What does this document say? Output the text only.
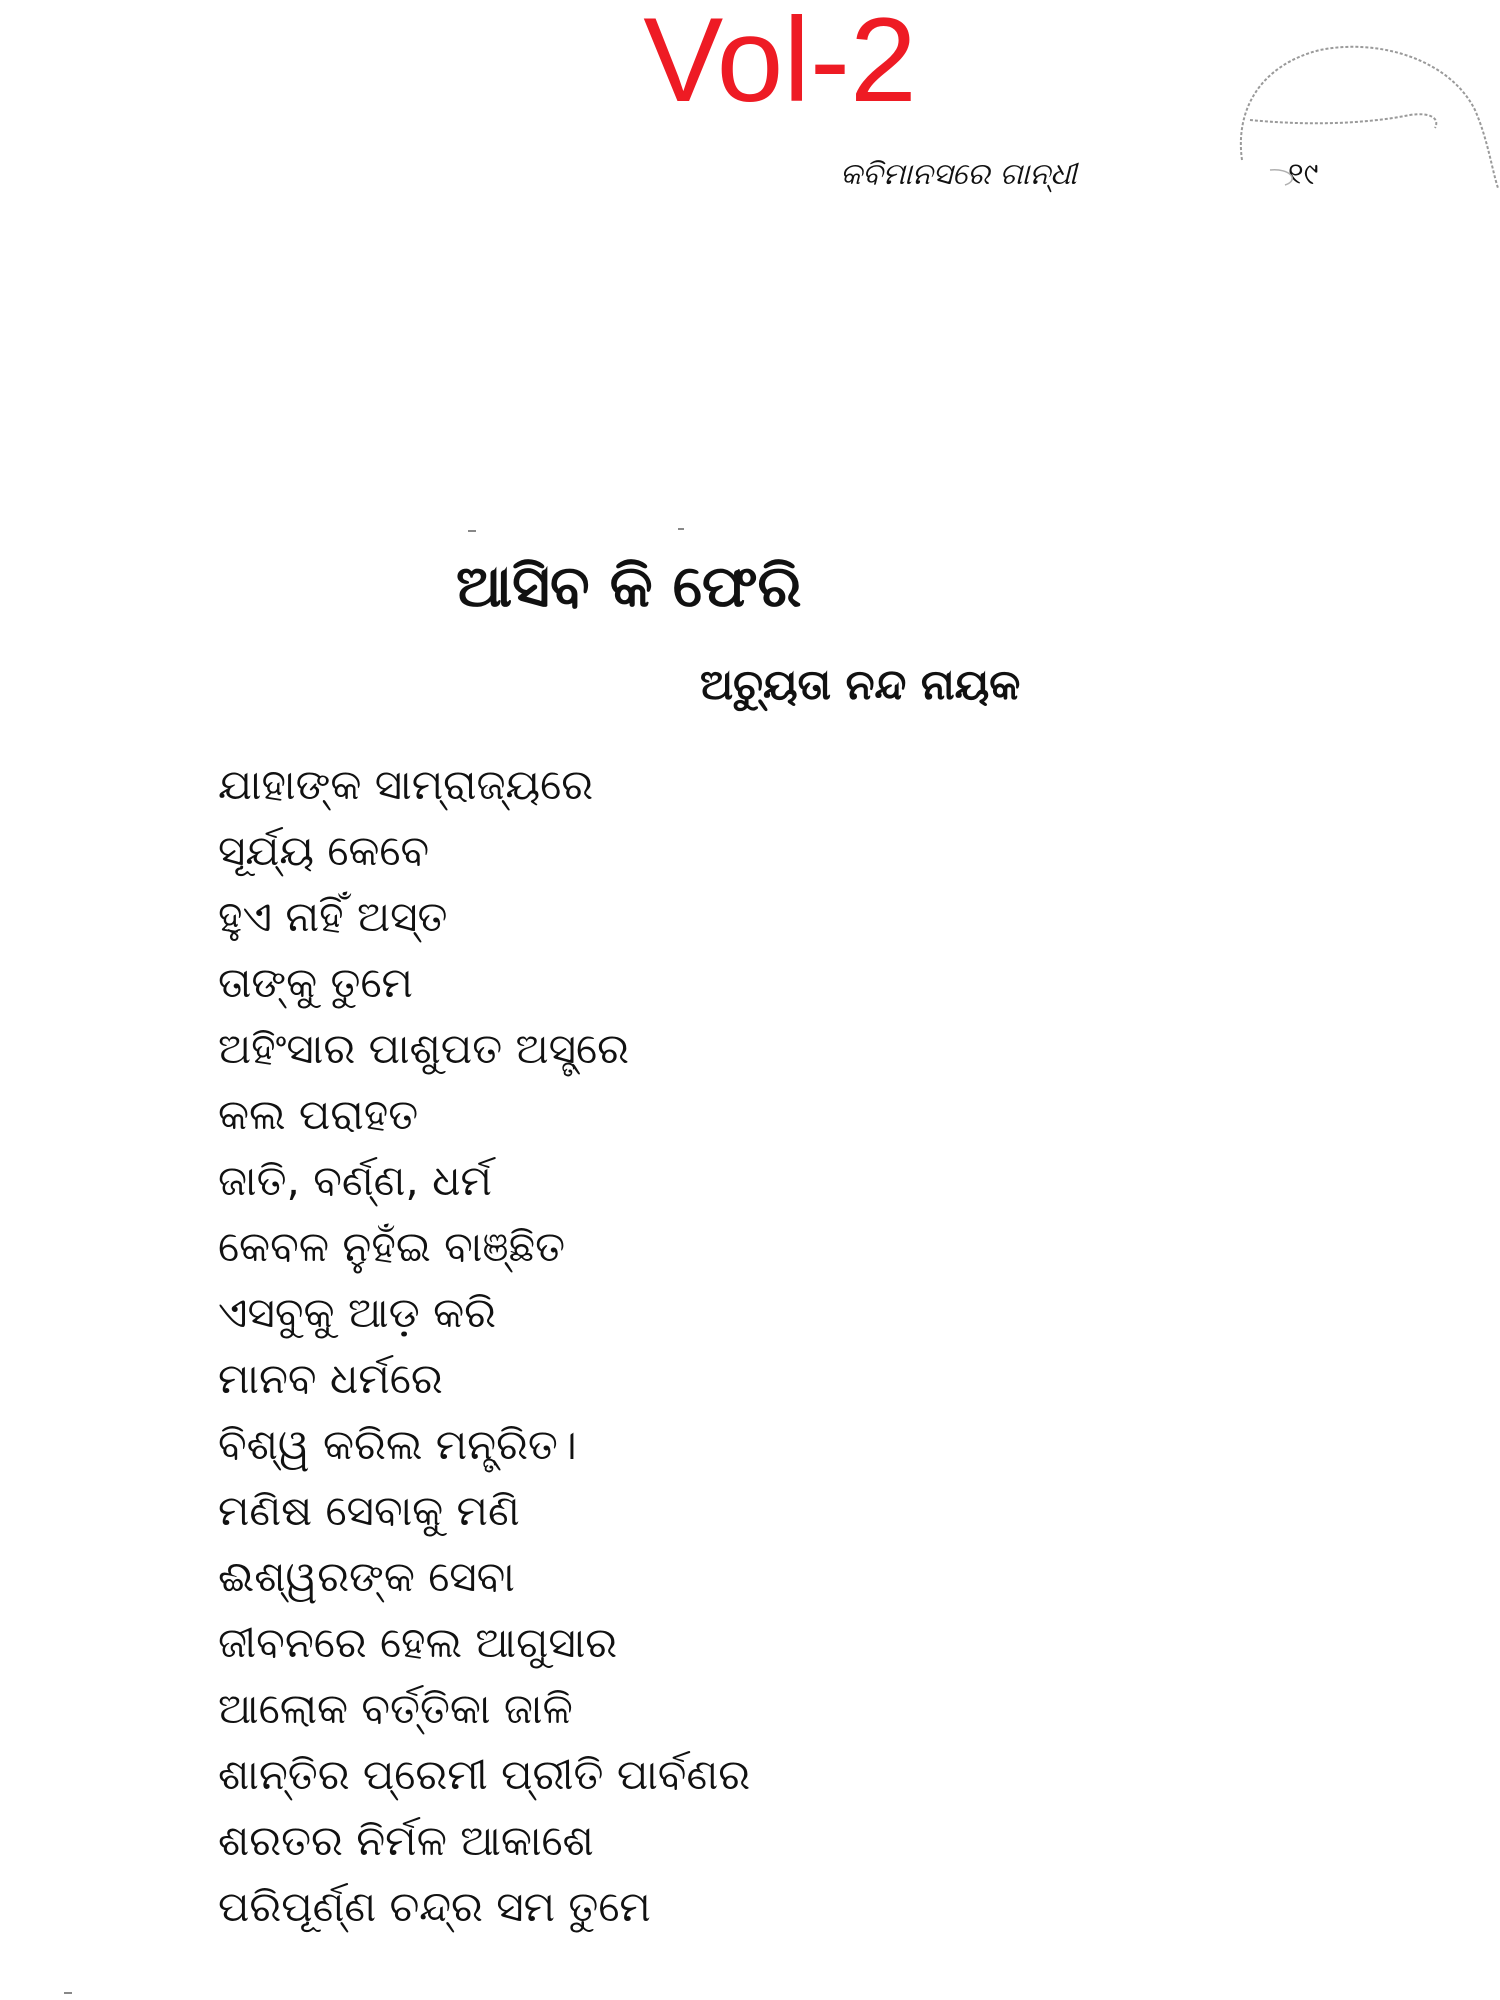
Vol-2
କବିମାନସରେ ଗାନ୍ଧୀ	୧୯
ଆସିବ କି ଫେରି
ଅଚ୍ୟୁତା ନନ୍ଦ ନାୟକ
ଯାହାଙ୍କ ସାମ୍ରାଜ୍ୟରେ
ସୂର୍ଯ୍ୟ କେବେ
ହୁଏ ନାହିଁ ଅସ୍ତ
ତାଙ୍କୁ ତୁମେ
ଅହିଂସାର ପାଶୁପତ ଅସ୍ତ୍ରେ
କଲ ପରାହତ
ଜାତି, ବର୍ଣ୍ଣ, ଧର୍ମ
କେବଳ ନୁହଁଇ ବାଞ୍ଛିତ
ଏସବୁକୁ ଆଡ଼ କରି
ମାନବ ଧର୍ମରେ
ବିଶ୍ୱ କରିଲ ମନ୍ତ୍ରିତ।
ମଣିଷ ସେବାକୁ ମଣି
ଈଶ୍ୱରଙ୍କ ସେବା
ଜୀବନରେ ହେଲ ଆଗୁସାର
ଆଲୋକ ବର୍ତ୍ତିକା ଜାଳି
ଶାନ୍ତିର ପ୍ରେମୀ ପ୍ରୀତି ପାର୍ବଣର
ଶରତର ନିର୍ମଳ ଆକାଶେ
ପରିପୂର୍ଣ୍ଣ ଚନ୍ଦ୍ର ସମ ତୁମେ
